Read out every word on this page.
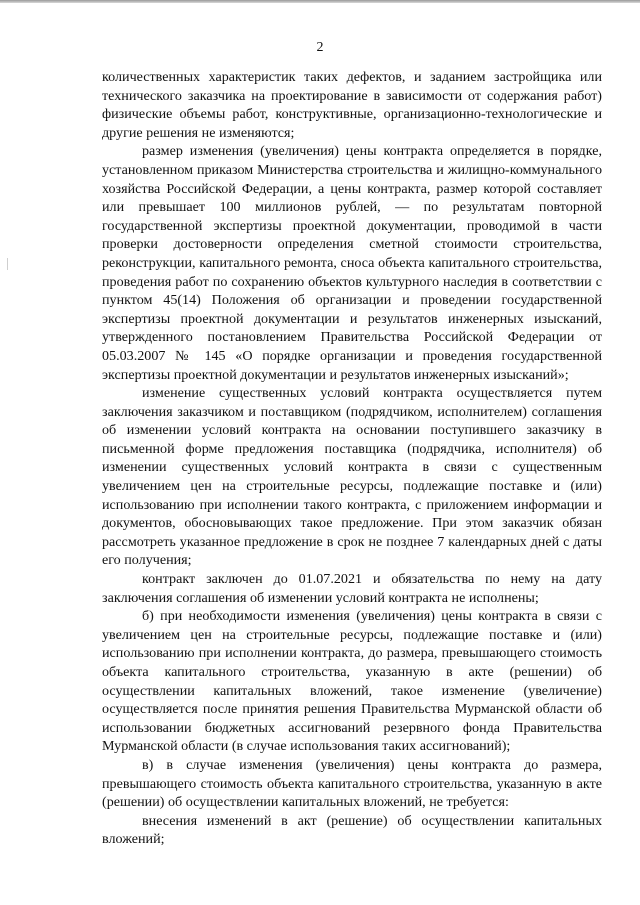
2

количественных характеристик таких дефектов, и заданием застройщика или технического заказчика на проектирование в зависимости от содержания работ) физические объемы работ, конструктивные, организационно-технологические и другие решения не изменяются;

размер изменения (увеличения) цены контракта определяется в порядке, установленном приказом Министерства строительства и жилищно-коммунального хозяйства Российской Федерации, а цены контракта, размер которой составляет или превышает 100 миллионов рублей, — по результатам повторной государственной экспертизы проектной документации, проводимой в части проверки достоверности определения сметной стоимости строительства, реконструкции, капитального ремонта, сноса объекта капитального строительства, проведения работ по сохранению объектов культурного наследия в соответствии с пунктом 45(14) Положения об организации и проведении государственной экспертизы проектной документации и результатов инженерных изысканий, утвержденного постановлением Правительства Российской Федерации от 05.03.2007 № 145 «О порядке организации и проведения государственной экспертизы проектной документации и результатов инженерных изысканий»;

изменение существенных условий контракта осуществляется путем заключения заказчиком и поставщиком (подрядчиком, исполнителем) соглашения об изменении условий контракта на основании поступившего заказчику в письменной форме предложения поставщика (подрядчика, исполнителя) об изменении существенных условий контракта в связи с существенным увеличением цен на строительные ресурсы, подлежащие поставке и (или) использованию при исполнении такого контракта, с приложением информации и документов, обосновывающих такое предложение. При этом заказчик обязан рассмотреть указанное предложение в срок не позднее 7 календарных дней с даты его получения;

контракт заключен до 01.07.2021 и обязательства по нему на дату заключения соглашения об изменении условий контракта не исполнены;

б) при необходимости изменения (увеличения) цены контракта в связи с увеличением цен на строительные ресурсы, подлежащие поставке и (или) использованию при исполнении контракта, до размера, превышающего стоимость объекта капитального строительства, указанную в акте (решении) об осуществлении капитальных вложений, такое изменение (увеличение) осуществляется после принятия решения Правительства Мурманской области об использовании бюджетных ассигнований резервного фонда Правительства Мурманской области (в случае использования таких ассигнований);

в) в случае изменения (увеличения) цены контракта до размера, превышающего стоимость объекта капитального строительства, указанную в акте (решении) об осуществлении капитальных вложений, не требуется:

внесения изменений в акт (решение) об осуществлении капитальных вложений;
